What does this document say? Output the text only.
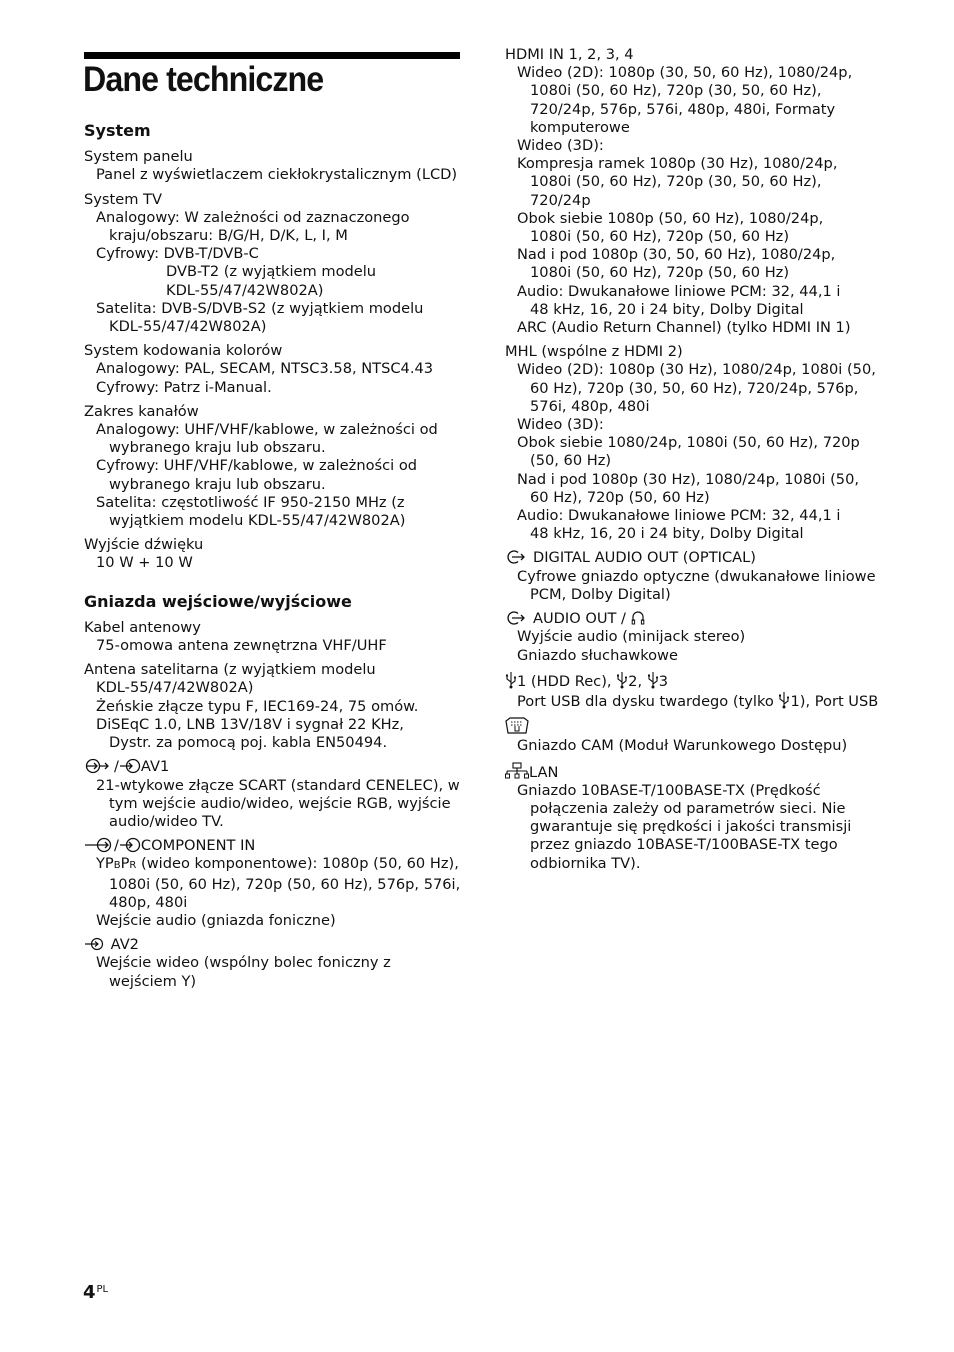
Dane techniczne
System
System panelu
Panel z wyświetlaczem ciekłokrystalicznym (LCD)
System TV
Analogowy: W zależności od zaznaczonego
kraju/obszaru: B/G/H, D/K, L, I, M
Cyfrowy: DVB-T/DVB-C
DVB-T2 (z wyjątkiem modelu
KDL-55/47/42W802A)
Satelita: DVB-S/DVB-S2 (z wyjątkiem modelu
KDL-55/47/42W802A)
System kodowania kolorów
Analogowy: PAL, SECAM, NTSC3.58, NTSC4.43
Cyfrowy: Patrz i-Manual.
Zakres kanałów
Analogowy: UHF/VHF/kablowe, w zależności od
wybranego kraju lub obszaru.
Cyfrowy: UHF/VHF/kablowe, w zależności od
wybranego kraju lub obszaru.
Satelita: częstotliwość IF 950-2150 MHz (z
wyjątkiem modelu KDL-55/47/42W802A)
Wyjście dźwięku
10 W + 10 W
Gniazda wejściowe/wyjściowe
Kabel antenowy
75-omowa antena zewnętrzna VHF/UHF
Antena satelitarna (z wyjątkiem modelu
KDL-55/47/42W802A)
Żeńskie złącze typu F, IEC169-24, 75 omów.
DiSEqC 1.0, LNB 13V/18V i sygnał 22 KHz,
Dystr. za pomocą poj. kabla EN50494.
/ AV1
21-wtykowe złącze SCART (standard CENELEC), w
tym wejście audio/wideo, wejście RGB, wyjście
audio/wideo TV.
/ COMPONENT IN
YPBPR (wideo komponentowe): 1080p (50, 60 Hz),
1080i (50, 60 Hz), 720p (50, 60 Hz), 576p, 576i,
480p, 480i
Wejście audio (gniazda foniczne)
AV2
Wejście wideo (wspólny bolec foniczny z
wejściem Y)
HDMI IN 1, 2, 3, 4
Wideo (2D): 1080p (30, 50, 60 Hz), 1080/24p,
1080i (50, 60 Hz), 720p (30, 50, 60 Hz),
720/24p, 576p, 576i, 480p, 480i, Formaty
komputerowe
Wideo (3D):
Kompresja ramek 1080p (30 Hz), 1080/24p,
1080i (50, 60 Hz), 720p (30, 50, 60 Hz),
720/24p
Obok siebie 1080p (50, 60 Hz), 1080/24p,
1080i (50, 60 Hz), 720p (50, 60 Hz)
Nad i pod 1080p (30, 50, 60 Hz), 1080/24p,
1080i (50, 60 Hz), 720p (50, 60 Hz)
Audio: Dwukanałowe liniowe PCM: 32, 44,1 i
48 kHz, 16, 20 i 24 bity, Dolby Digital
ARC (Audio Return Channel) (tylko HDMI IN 1)
MHL (wspólne z HDMI 2)
Wideo (2D): 1080p (30 Hz), 1080/24p, 1080i (50,
60 Hz), 720p (30, 50, 60 Hz), 720/24p, 576p,
576i, 480p, 480i
Wideo (3D):
Obok siebie 1080/24p, 1080i (50, 60 Hz), 720p
(50, 60 Hz)
Nad i pod 1080p (30 Hz), 1080/24p, 1080i (50,
60 Hz), 720p (50, 60 Hz)
Audio: Dwukanałowe liniowe PCM: 32, 44,1 i
48 kHz, 16, 20 i 24 bity, Dolby Digital
DIGITAL AUDIO OUT (OPTICAL)
Cyfrowe gniazdo optyczne (dwukanałowe liniowe
PCM, Dolby Digital)
AUDIO OUT /
Wyjście audio (minijack stereo)
Gniazdo słuchawkowe
1 (HDD Rec), 2, 3
Port USB dla dysku twardego (tylko 1), Port USB
Gniazdo CAM (Moduł Warunkowego Dostępu)
LAN
Gniazdo 10BASE-T/100BASE-TX (Prędkość
połączenia zależy od parametrów sieci. Nie
gwarantuje się prędkości i jakości transmisji
przez gniazdo 10BASE-T/100BASE-TX tego
odbiornika TV).
$4^{PL}$
